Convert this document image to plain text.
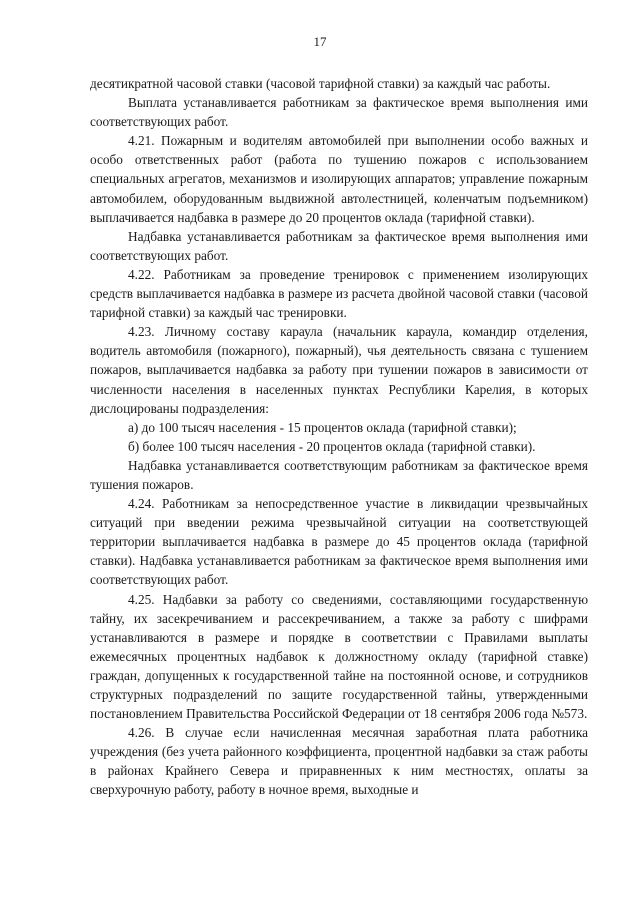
17

десятикратной часовой ставки (часовой тарифной ставки) за каждый час работы.

Выплата устанавливается работникам за фактическое время выполнения ими соответствующих работ.

4.21. Пожарным и водителям автомобилей при выполнении особо важных и особо ответственных работ (работа по тушению пожаров с использованием специальных агрегатов, механизмов и изолирующих аппаратов; управление пожарным автомобилем, оборудованным выдвижной автолестницей, коленчатым подъемником) выплачивается надбавка в размере до 20 процентов оклада (тарифной ставки).

Надбавка устанавливается работникам за фактическое время выполнения ими соответствующих работ.

4.22. Работникам за проведение тренировок с применением изолирующих средств выплачивается надбавка в размере из расчета двойной часовой ставки (часовой тарифной ставки) за каждый час тренировки.

4.23. Личному составу караула (начальник караула, командир отделения, водитель автомобиля (пожарного), пожарный), чья деятельность связана с тушением пожаров, выплачивается надбавка за работу при тушении пожаров в зависимости от численности населения в населенных пунктах Республики Карелия, в которых дислоцированы подразделения:

а) до 100 тысяч населения - 15 процентов оклада (тарифной ставки);

б) более 100 тысяч населения - 20 процентов оклада (тарифной ставки).

Надбавка устанавливается соответствующим работникам за фактическое время тушения пожаров.

4.24. Работникам за непосредственное участие в ликвидации чрезвычайных ситуаций при введении режима чрезвычайной ситуации на соответствующей территории выплачивается надбавка в размере до 45 процентов оклада (тарифной ставки). Надбавка устанавливается работникам за фактическое время выполнения ими соответствующих работ.

4.25. Надбавки за работу со сведениями, составляющими государственную тайну, их засекречиванием и рассекречиванием, а также за работу с шифрами устанавливаются в размере и порядке в соответствии с Правилами выплаты ежемесячных процентных надбавок к должностному окладу (тарифной ставке) граждан, допущенных к государственной тайне на постоянной основе, и сотрудников структурных подразделений по защите государственной тайны, утвержденными постановлением Правительства Российской Федерации от 18 сентября 2006 года №573.

4.26. В случае если начисленная месячная заработная плата работника учреждения (без учета районного коэффициента, процентной надбавки за стаж работы в районах Крайнего Севера и приравненных к ним местностях, оплаты за сверхурочную работу, работу в ночное время, выходные и
